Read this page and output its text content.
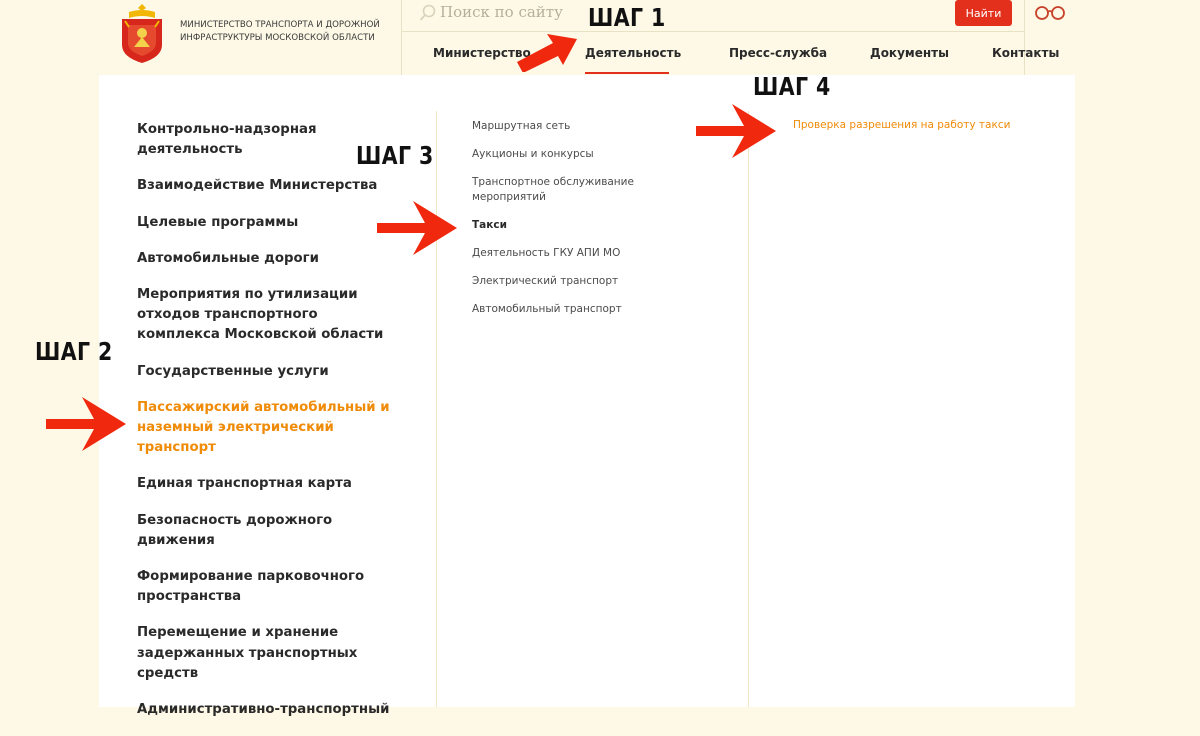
МИНИСТЕРСТВО ТРАНСПОРТА И ДОРОЖНОЙ ИНФРАСТРУКТУРЫ МОСКОВСКОЙ ОБЛАСТИ
Поиск по сайту
Найти
Министерство	Деятельность	Пресс-служба	Документы	Контакты
Контрольно-надзорная деятельность
Взаимодействие Министерства
Целевые программы
Автомобильные дороги
Мероприятия по утилизации отходов транспортного комплекса Московской области
Государственные услуги
Пассажирский автомобильный и наземный электрический транспорт
Единая транспортная карта
Безопасность дорожного движения
Формирование парковочного пространства
Перемещение и хранение задержанных транспортных средств
Административно-транспортный
Маршрутная сеть
Аукционы и конкурсы
Транспортное обслуживание мероприятий
Такси
Деятельность ГКУ АПИ МО
Электрический транспорт
Автомобильный транспорт
Проверка разрешения на работу такси
ШАГ 1
ШАГ 2
ШАГ 3
ШАГ 4
